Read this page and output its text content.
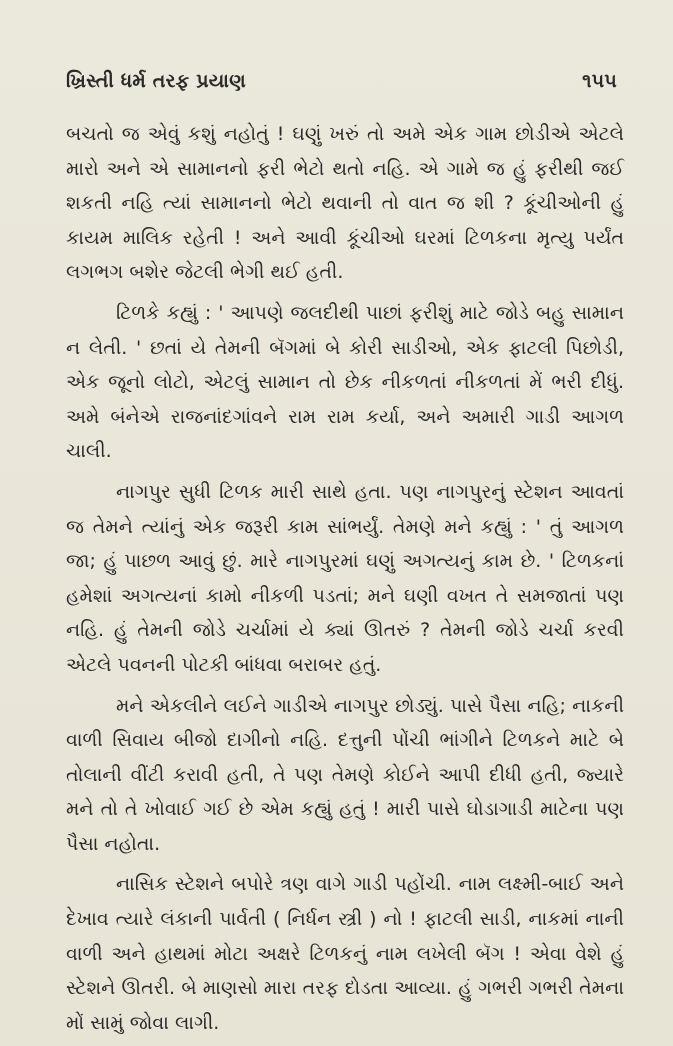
ખ્રિસ્તી ધર્મ તરફ પ્રયાણ	૧૫૫

બચતો જ એવું કશું નહોતું ! ઘણું ખરું તો અમે એક ગામ છોડીએ એટલે મારો અને એ સામાનનો ફરી ભેટો થતો નહિ. એ ગામે જ હું ફરીથી જઈ શકતી નહિ ત્યાં સામાનનો ભેટો થવાની તો વાત જ શી ? કૂંચીઓની હું કાયમ માલિક રહેતી ! અને આવી કૂંચીઓ ઘરમાં ટિળકના મૃત્યુ પર્યંત લગભગ બશેર જેટલી ભેગી થઈ હતી.

ટિળકે કહ્યું : ' આપણે જલદીથી પાછાં ફરીશું માટે જોડે બહુ સામાન ન લેતી. ' છતાં યે તેમની બૅગમાં બે કોરી સાડીઓ, એક ફાટલી પિછોડી, એક જૂનો લોટો, એટલું સામાન તો છેક નીકળતાં નીકળતાં મેં ભરી દીધું. અમે બંનેએ રાજનાંદગાંવને રામ રામ કર્યા, અને અમારી ગાડી આગળ ચાલી.

નાગપુર સુધી ટિળક મારી સાથે હતા. પણ નાગપુરનું સ્ટેશન આવતાં જ તેમને ત્યાંનું એક જરૂરી કામ સાંભર્યું. તેમણે મને કહ્યું : ' તું આગળ જા; હું પાછળ આવું છું. મારે નાગપુરમાં ઘણું અગત્યનું કામ છે. ' ટિળકનાં હમેશાં અગત્યનાં કામો નીકળી પડતાં; મને ઘણી વખત તે સમજાતાં પણ નહિ. હું તેમની જોડે ચર્ચામાં યે ક્યાં ઊતરું ? તેમની જોડે ચર્ચા કરવી એટલે પવનની પોટકી બાંધવા બરાબર હતું.

મને એકલીને લઈને ગાડીએ નાગપુર છોડ્યું. પાસે પૈસા નહિ; નાકની વાળી સિવાય બીજો દાગીનો નહિ. દત્તુની પોંચી ભાંગીને ટિળકને માટે બે તોલાની વીંટી કરાવી હતી, તે પણ તેમણે કોઈને આપી દીધી હતી, જ્યારે મને તો તે ખોવાઈ ગઈ છે એમ કહ્યું હતું ! મારી પાસે ઘોડાગાડી માટેના પણ પૈસા નહોતા.

નાસિક સ્ટેશને બપોરે ત્રણ વાગે ગાડી પહોંચી. નામ લક્ષ્મી-બાઈ અને દેખાવ ત્યારે લંકાની પાર્વતી ( નિર્ધન સ્ત્રી ) નો ! ફાટલી સાડી, નાકમાં નાની વાળી અને હાથમાં મોટા અક્ષરે ટિળકનું નામ લખેલી બૅગ ! એવા વેશે હું સ્ટેશને ઊતરી. બે માણસો મારા તરફ દોડતા આવ્યા. હું ગભરી ગભરી તેમના મોં સામું જોવા લાગી.
